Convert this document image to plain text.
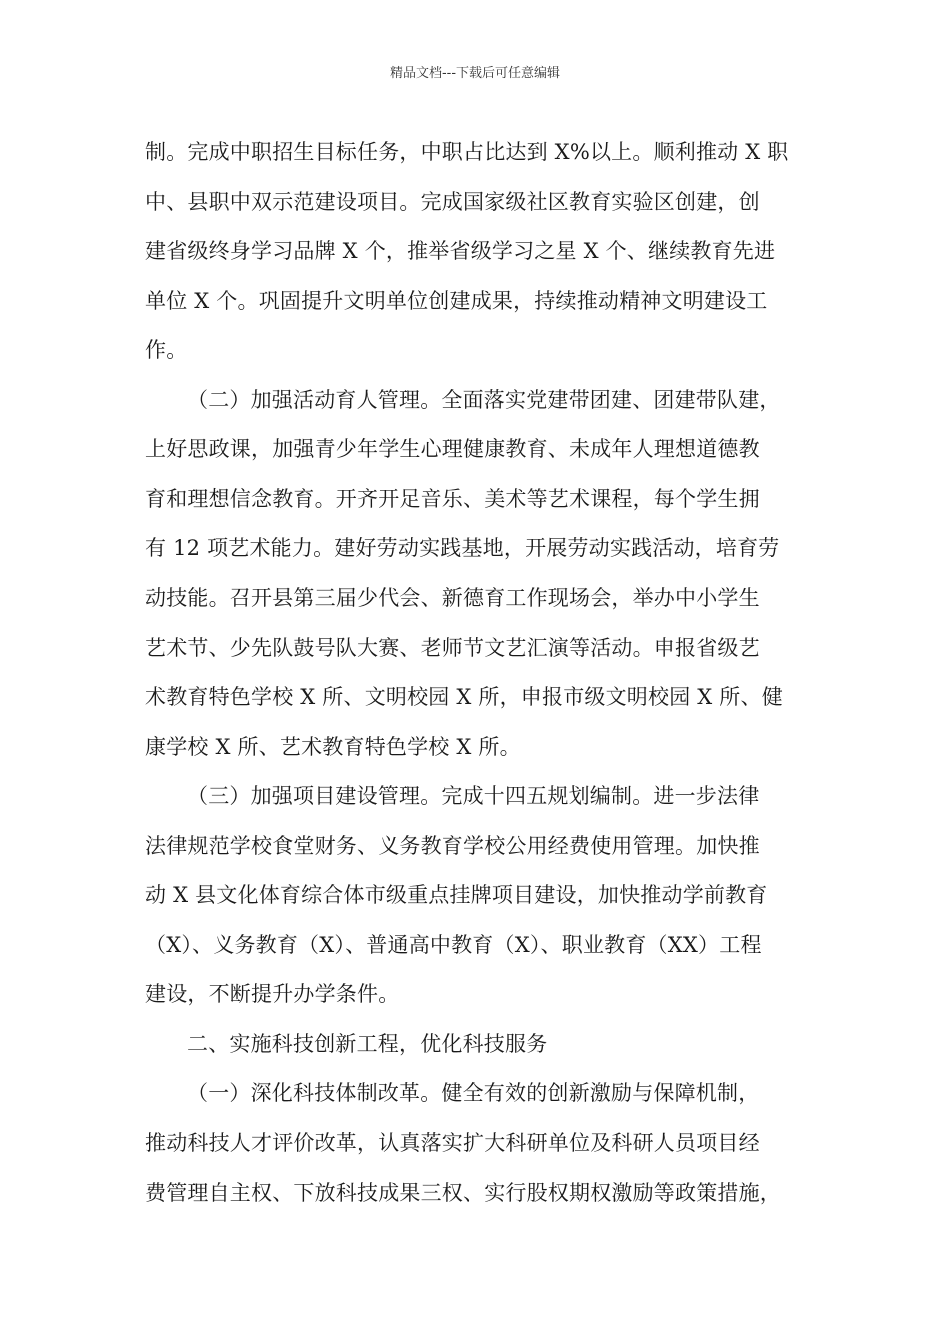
精品文档---下载后可任意编辑
制。完成中职招生目标任务，中职占比达到 X%以上。顺利推动 X 职
中、县职中双示范建设项目。完成国家级社区教育实验区创建，创
建省级终身学习品牌 X 个，推举省级学习之星 X 个、继续教育先进
单位 X 个。巩固提升文明单位创建成果，持续推动精神文明建设工
作。
（二）加强活动育人管理。全面落实党建带团建、团建带队建，
上好思政课，加强青少年学生心理健康教育、未成年人理想道德教
育和理想信念教育。开齐开足音乐、美术等艺术课程，每个学生拥
有 12 项艺术能力。建好劳动实践基地，开展劳动实践活动，培育劳
动技能。召开县第三届少代会、新德育工作现场会，举办中小学生
艺术节、少先队鼓号队大赛、老师节文艺汇演等活动。申报省级艺
术教育特色学校 X 所、文明校园 X 所，申报市级文明校园 X 所、健
康学校 X 所、艺术教育特色学校 X 所。
（三）加强项目建设管理。完成十四五规划编制。进一步法律
法律规范学校食堂财务、义务教育学校公用经费使用管理。加快推
动 X 县文化体育综合体市级重点挂牌项目建设，加快推动学前教育
（X）、义务教育（X）、普通高中教育（X）、职业教育（XX）工程
建设，不断提升办学条件。
二、实施科技创新工程，优化科技服务
（一）深化科技体制改革。健全有效的创新激励与保障机制，
推动科技人才评价改革，认真落实扩大科研单位及科研人员项目经
费管理自主权、下放科技成果三权、实行股权期权激励等政策措施，
